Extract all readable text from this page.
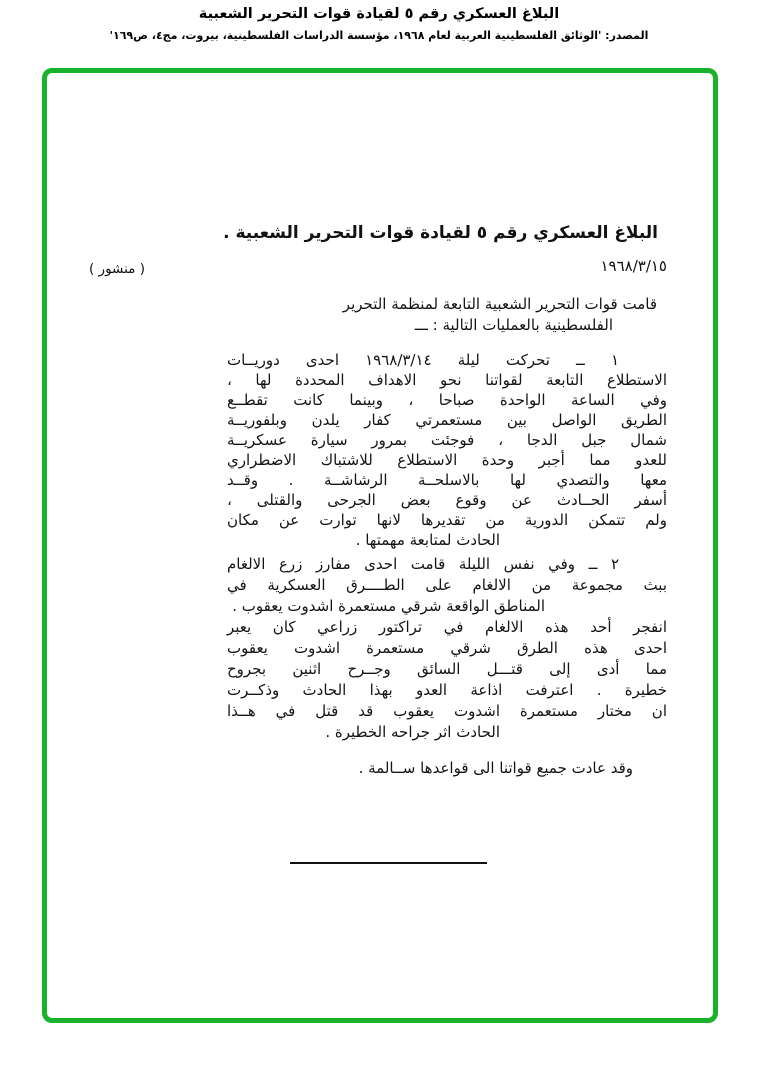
البلاغ العسكري رقم ٥ لقيادة قوات التحرير الشعبية
المصدر: 'الوثائق الفلسطينية العربية لعام ١٩٦٨، مؤسسة الدراسات الفلسطينية، بيروت، مج٤، ص١٦٩'
البلاغ العسكري رقم ٥ لقيادة قوات التحرير الشعبية .
١٩٦٨/٣/١٥
( منشور )
قامت قوات التحرير الشعبية التابعة لمنظمة التحرير
الفلسطينية بالعمليات التالية : ـــ
١ ــ تحركت ليلة ١٩٦٨/٣/١٤ احدى دوريــات
الاستطلاع التابعة لقواتنا نحو الاهداف المحددة لها ،
وفي الساعة الواحدة صباحا ، وبينما كانت تقطــع
الطريق الواصل بين مستعمرتي كفار يلدن وبلفوريــة
شمال جبل الدجا ، فوجئت بمرور سيارة عسكريــة
للعدو مما أجبر وحدة الاستطلاع للاشتباك الاضطراري
معها والتصدي لها بالاسلحــة الرشاشــة . وقــد
أسفر الحــادث عن وقوع بعض الجرحى والقتلى ،
ولم تتمكن الدورية من تقديرها لانها توارت عن مكان
الحادث لمتابعة مهمتها .
٢ ــ وفي نفس الليلة قامت احدى مفارز زرع الالغام
ببث مجموعة من الالغام على الطــــرق العسكرية في
المناطق الواقعة شرقي مستعمرة اشدوت يعقوب .
انفجر أحد هذه الالغام في تراكتور زراعي كان يعبر
احدى هذه الطرق شرقي مستعمرة اشدوت يعقوب
مما أدى إلى قتـــل السائق وجــرح اثنين بجروح
خطيرة . اعترفت اذاعة العدو بهذا الحادث وذكــرت
ان مختار مستعمرة اشدوت يعقوب قد قتل في هــذا
الحادث اثر جراحه الخطيرة .
وقد عادت جميع قواتنا الى قواعدها ســالمة .
